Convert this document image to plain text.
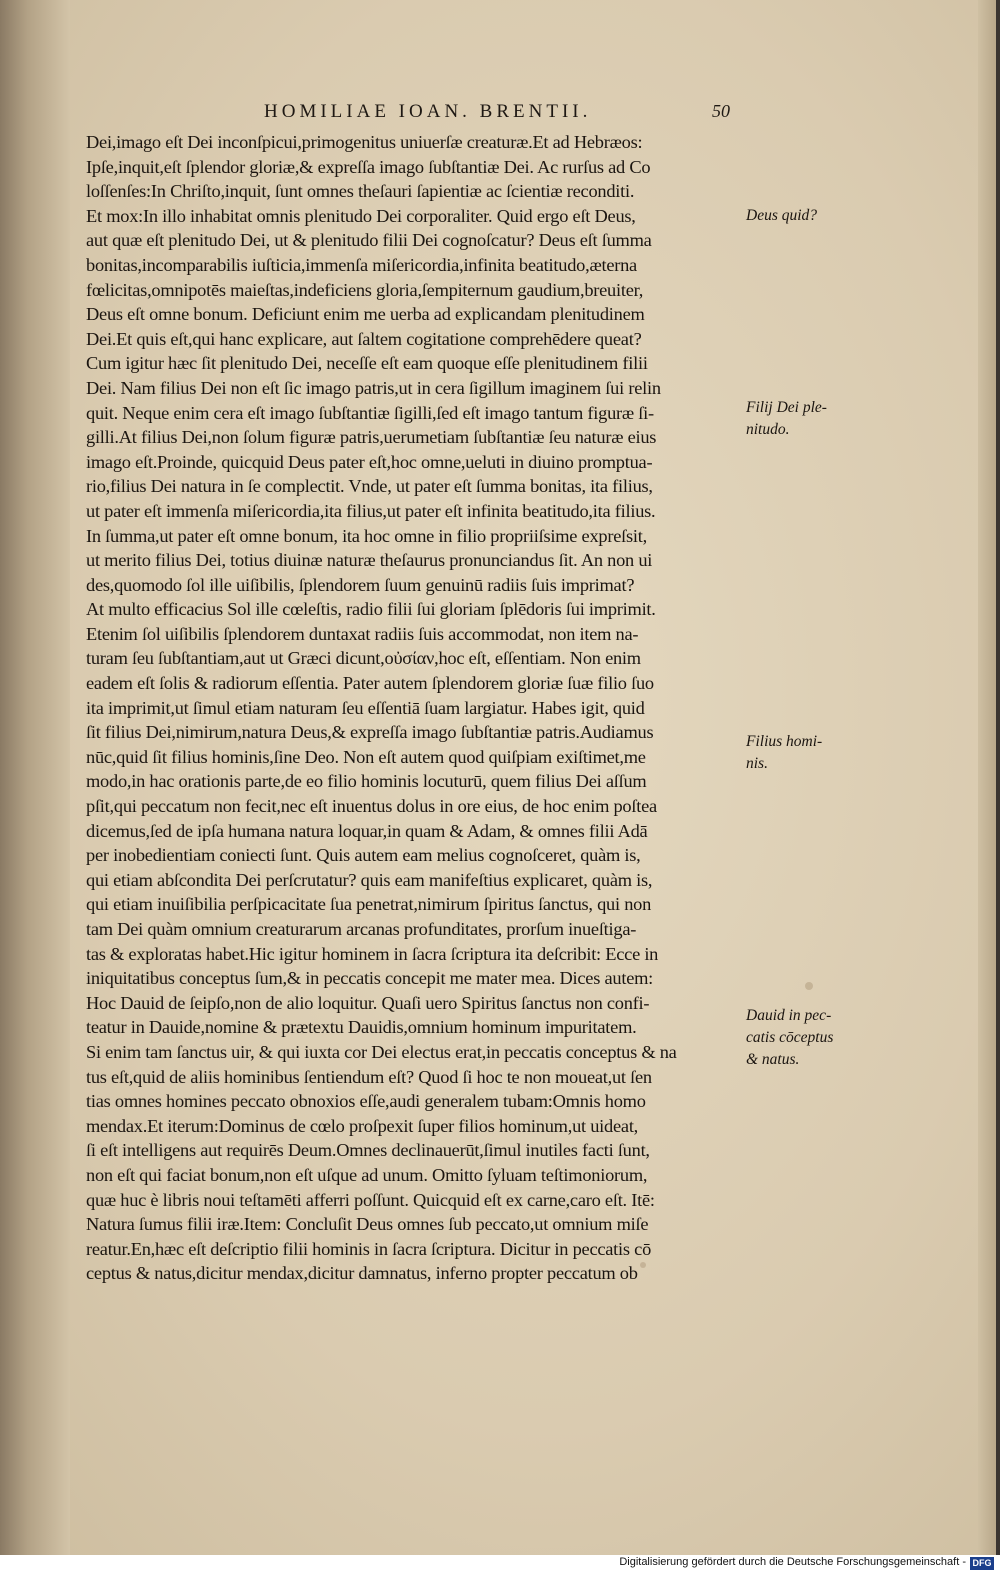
HOMILIAE IOAN. BRENTII.	50
Dei,imago eſt Dei inconſpicui,primogenitus uniuerſæ creaturæ.Et ad Hebræos:
Ipſe,inquit,eſt ſplendor gloriæ,& expreſſa imago ſubſtantiæ Dei. Ac rurſus ad Co
loſſenſes:In Chriſto,inquit, ſunt omnes theſauri ſapientiæ ac ſcientiæ reconditi.
Et mox:In illo inhabitat omnis plenitudo Dei corporaliter. Quid ergo eſt Deus,
aut quæ eſt plenitudo Dei, ut & plenitudo filii Dei cognoſcatur? Deus eſt ſumma
bonitas,incomparabilis iuſticia,immenſa miſericordia,infinita beatitudo,æterna
fœlicitas,omnipotēs maieſtas,indeficiens gloria,ſempiternum gaudium,breuiter,
Deus eſt omne bonum. Deficiunt enim me uerba ad explicandam plenitudinem
Dei.Et quis eſt,qui hanc explicare, aut ſaltem cogitatione comprehēdere queat?
Cum igitur hæc ſit plenitudo Dei, neceſſe eſt eam quoque eſſe plenitudinem filii
Dei. Nam filius Dei non eſt ſic imago patris,ut in cera ſigillum imaginem ſui relin
quit. Neque enim cera eſt imago ſubſtantiæ ſigilli,ſed eſt imago tantum figuræ ſi-
gilli.At filius Dei,non ſolum figuræ patris,uerumetiam ſubſtantiæ ſeu naturæ eius
imago eſt.Proinde, quicquid Deus pater eſt,hoc omne,ueluti in diuino promptua-
rio,filius Dei natura in ſe complectit. Vnde, ut pater eſt ſumma bonitas, ita filius,
ut pater eſt immenſa miſericordia,ita filius,ut pater eſt infinita beatitudo,ita filius.
In ſumma,ut pater eſt omne bonum, ita hoc omne in filio propriiſsime expreſsit,
ut merito filius Dei, totius diuinæ naturæ theſaurus pronunciandus ſit. An non ui
des,quomodo ſol ille uiſibilis, ſplendorem ſuum genuinū radiis ſuis imprimat?
At multo efficacius Sol ille cœleſtis, radio filii ſui gloriam ſplēdoris ſui imprimit.
Etenim ſol uiſibilis ſplendorem duntaxat radiis ſuis accommodat, non item na-
turam ſeu ſubſtantiam,aut ut Græci dicunt,οὐσίαν,hoc eſt, eſſentiam. Non enim
eadem eſt ſolis & radiorum eſſentia. Pater autem ſplendorem gloriæ ſuæ filio ſuo
ita imprimit,ut ſimul etiam naturam ſeu eſſentiā ſuam largiatur. Habes igit, quid
ſit filius Dei,nimirum,natura Deus,& expreſſa imago ſubſtantiæ patris.Audiamus
nūc,quid ſit filius hominis,ſine Deo. Non eſt autem quod quiſpiam exiſtimet,me
modo,in hac orationis parte,de eo filio hominis locuturū, quem filius Dei aſſum
pſit,qui peccatum non fecit,nec eſt inuentus dolus in ore eius, de hoc enim poſtea
dicemus,ſed de ipſa humana natura loquar,in quam & Adam, & omnes filii Adā
per inobedientiam coniecti ſunt. Quis autem eam melius cognoſceret, quàm is,
qui etiam abſcondita Dei perſcrutatur? quis eam manifeſtius explicaret, quàm is,
qui etiam inuiſibilia perſpicacitate ſua penetrat,nimirum ſpiritus ſanctus, qui non
tam Dei quàm omnium creaturarum arcanas profunditates, prorſum inueſtiga-
tas & exploratas habet.Hic igitur hominem in ſacra ſcriptura ita deſcribit: Ecce in
iniquitatibus conceptus ſum,& in peccatis concepit me mater mea. Dices autem:
Hoc Dauid de ſeipſo,non de alio loquitur. Quaſi uero Spiritus ſanctus non confi-
teatur in Dauide,nomine & prætextu Dauidis,omnium hominum impuritatem.
Si enim tam ſanctus uir, & qui iuxta cor Dei electus erat,in peccatis conceptus & na
tus eſt,quid de aliis hominibus ſentiendum eſt? Quod ſi hoc te non moueat,ut ſen
tias omnes homines peccato obnoxios eſſe,audi generalem tubam:Omnis homo
mendax.Et iterum:Dominus de cœlo proſpexit ſuper filios hominum,ut uideat,
ſi eſt intelligens aut requirēs Deum.Omnes declinauerūt,ſimul inutiles facti ſunt,
non eſt qui faciat bonum,non eſt uſque ad unum. Omitto ſyluam teſtimoniorum,
quæ huc è libris noui teſtamēti afferri poſſunt. Quicquid eſt ex carne,caro eſt. Itē:
Natura ſumus filii iræ.Item: Concluſit Deus omnes ſub peccato,ut omnium miſe
reatur.En,hæc eſt deſcriptio filii hominis in ſacra ſcriptura. Dicitur in peccatis cō
ceptus & natus,dicitur mendax,dicitur damnatus, inferno propter peccatum ob
Deus quid?
Filij Dei ple-
nitudo.
Filius homi-
nis.
Dauid in pec-
catis cōceptus
& natus.
Digitalisierung gefördert durch die Deutsche Forschungsgemeinschaft - DFG
